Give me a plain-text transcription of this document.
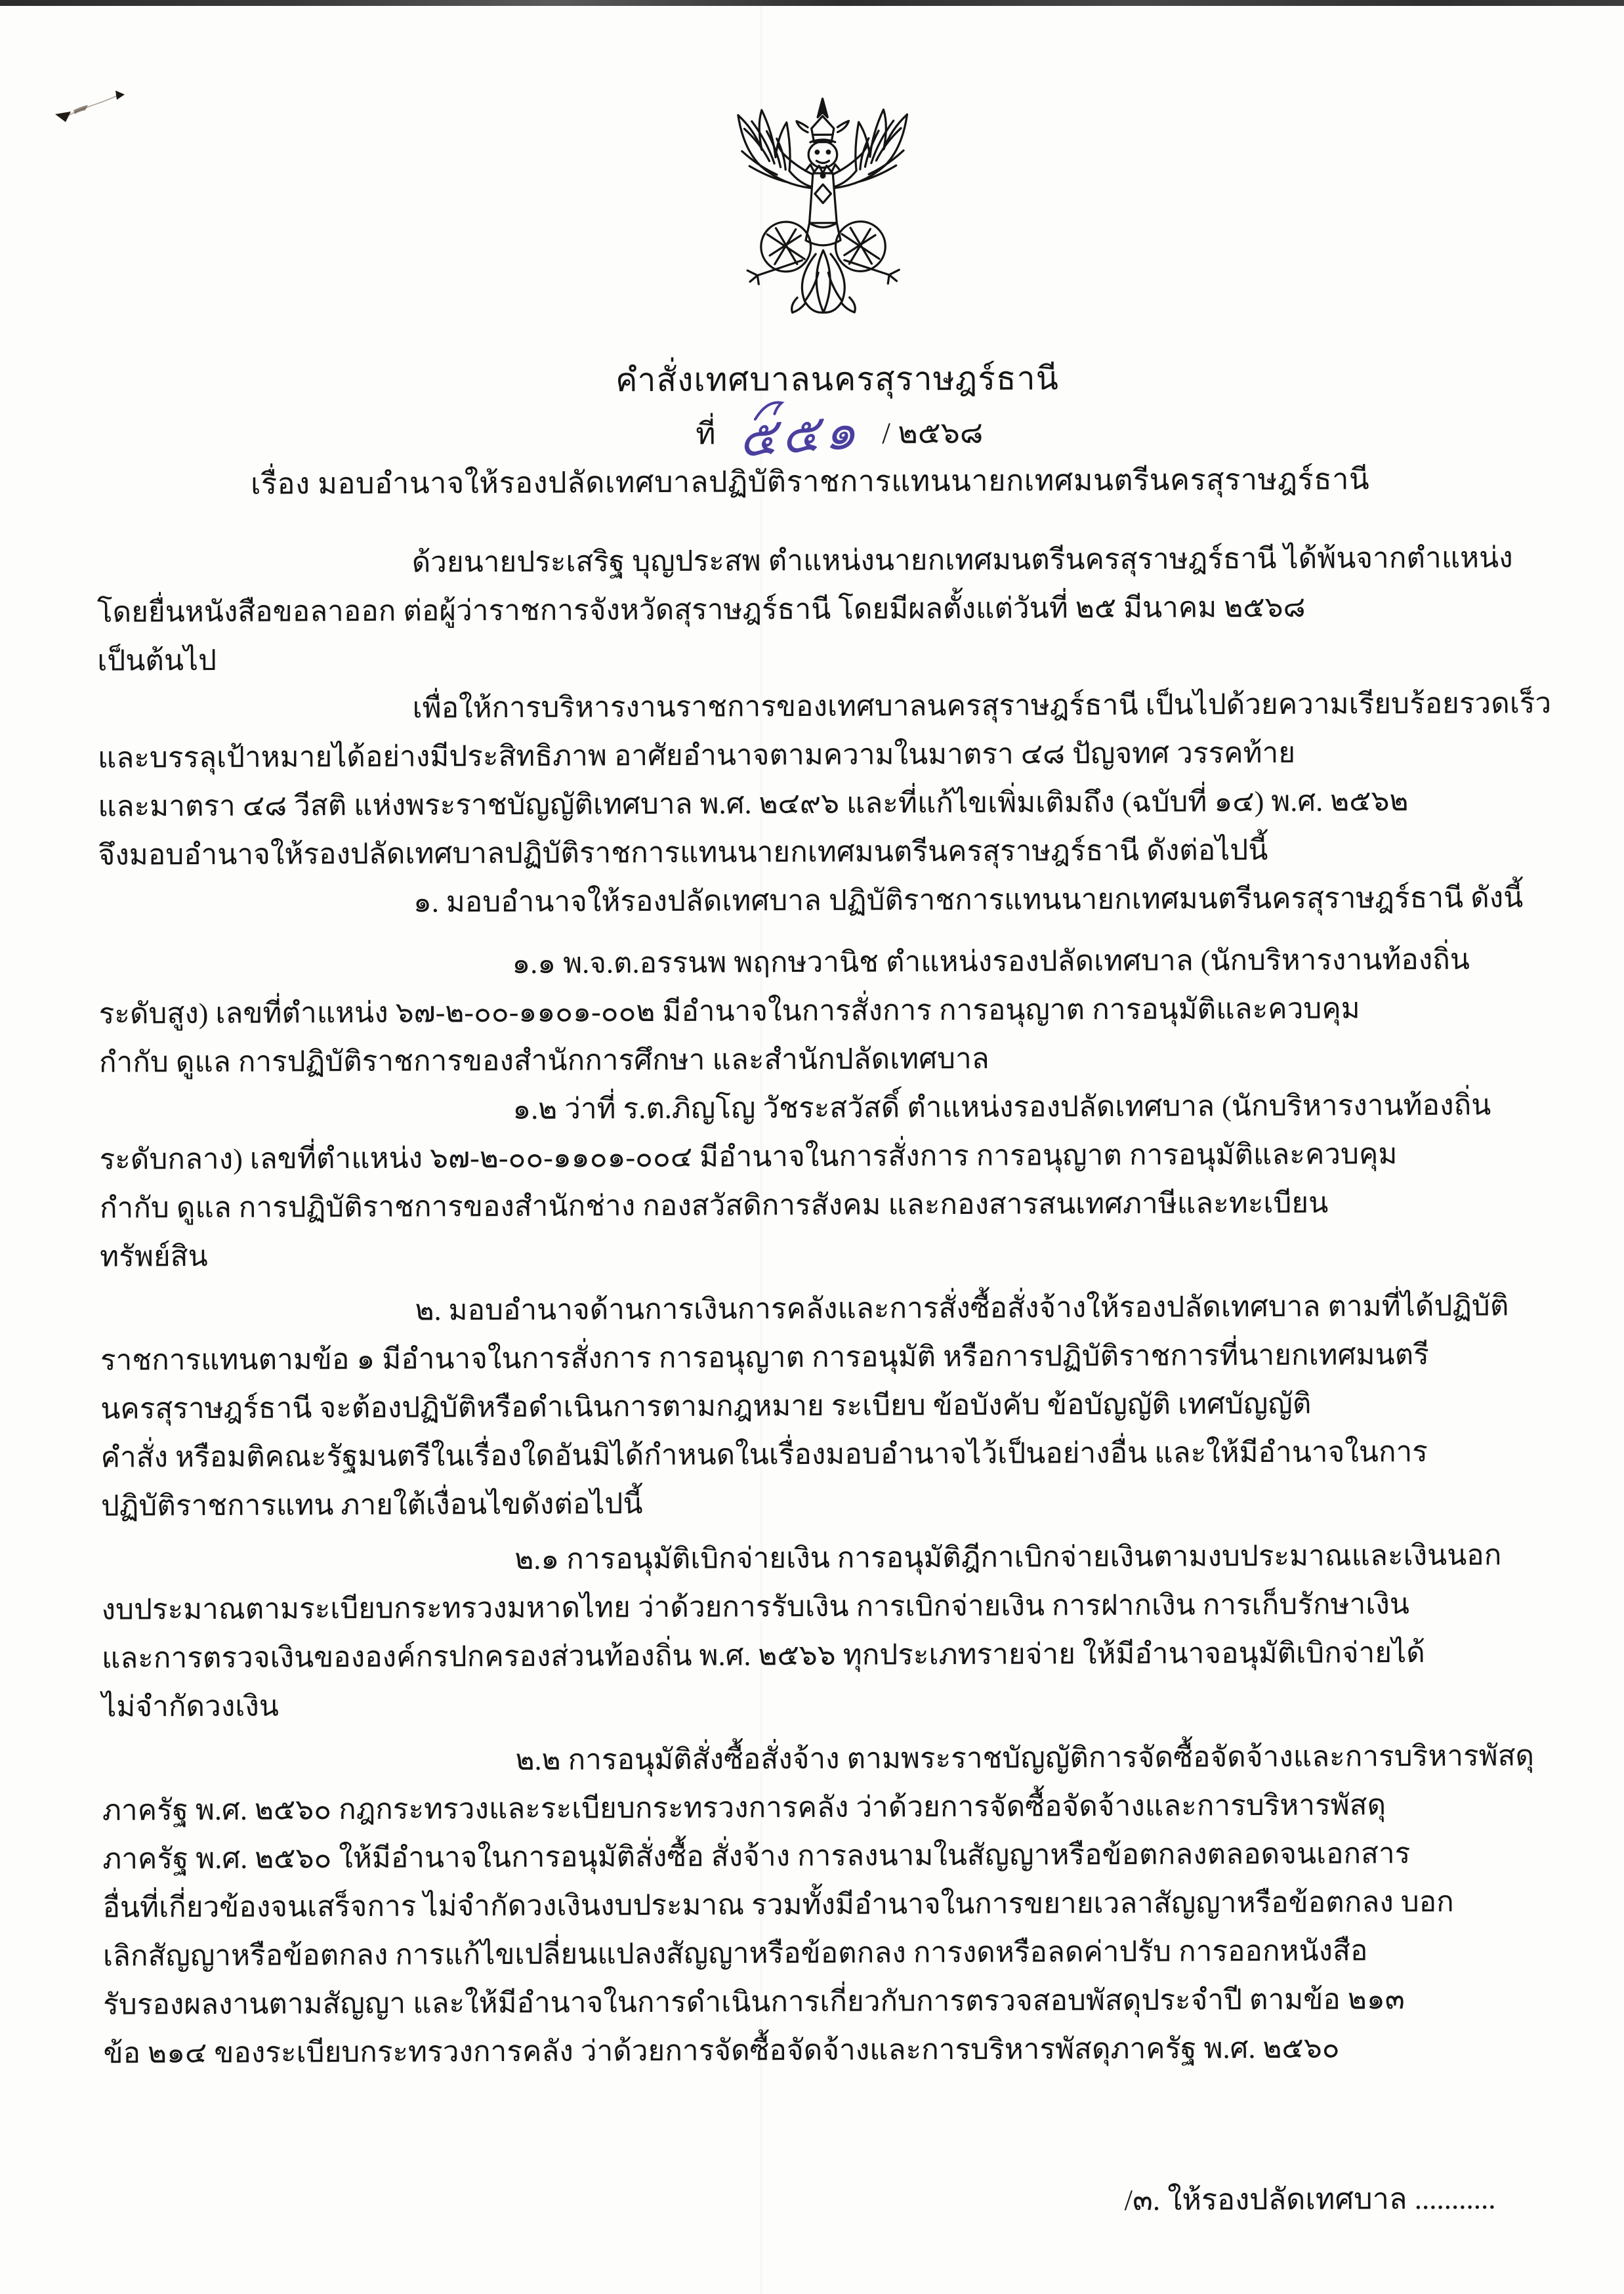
คำสั่งเทศบาลนครสุราษฎร์ธานี
ที่ ๕๕๑ / ๒๕๖๘
เรื่อง มอบอำนาจให้รองปลัดเทศบาลปฏิบัติราชการแทนนายกเทศมนตรีนครสุราษฎร์ธานี
ด้วยนายประเสริฐ บุญประสพ ตำแหน่งนายกเทศมนตรีนครสุราษฎร์ธานี ได้พ้นจากตำแหน่ง
โดยยื่นหนังสือขอลาออก ต่อผู้ว่าราชการจังหวัดสุราษฎร์ธานี โดยมีผลตั้งแต่วันที่ ๒๕ มีนาคม ๒๕๖๘
เป็นต้นไป
เพื่อให้การบริหารงานราชการของเทศบาลนครสุราษฎร์ธานี เป็นไปด้วยความเรียบร้อยรวดเร็ว
และบรรลุเป้าหมายได้อย่างมีประสิทธิภาพ อาศัยอำนาจตามความในมาตรา ๔๘ ปัญจทศ วรรคท้าย
และมาตรา ๔๘ วีสติ แห่งพระราชบัญญัติเทศบาล พ.ศ. ๒๔๙๖ และที่แก้ไขเพิ่มเติมถึง (ฉบับที่ ๑๔) พ.ศ. ๒๕๖๒
จึงมอบอำนาจให้รองปลัดเทศบาลปฏิบัติราชการแทนนายกเทศมนตรีนครสุราษฎร์ธานี ดังต่อไปนี้
๑. มอบอำนาจให้รองปลัดเทศบาล ปฏิบัติราชการแทนนายกเทศมนตรีนครสุราษฎร์ธานี ดังนี้
๑.๑ พ.จ.ต.อรรนพ พฤกษวานิช ตำแหน่งรองปลัดเทศบาล (นักบริหารงานท้องถิ่น
ระดับสูง) เลขที่ตำแหน่ง ๖๗-๒-๐๐-๑๑๐๑-๐๐๒ มีอำนาจในการสั่งการ การอนุญาต การอนุมัติและควบคุม
กำกับ ดูแล การปฏิบัติราชการของสำนักการศึกษา และสำนักปลัดเทศบาล
๑.๒ ว่าที่ ร.ต.ภิญโญ วัชระสวัสดิ์ ตำแหน่งรองปลัดเทศบาล (นักบริหารงานท้องถิ่น
ระดับกลาง) เลขที่ตำแหน่ง ๖๗-๒-๐๐-๑๑๐๑-๐๐๔ มีอำนาจในการสั่งการ การอนุญาต การอนุมัติและควบคุม
กำกับ ดูแล การปฏิบัติราชการของสำนักช่าง กองสวัสดิการสังคม และกองสารสนเทศภาษีและทะเบียน
ทรัพย์สิน
๒. มอบอำนาจด้านการเงินการคลังและการสั่งซื้อสั่งจ้างให้รองปลัดเทศบาล ตามที่ได้ปฏิบัติ
ราชการแทนตามข้อ ๑ มีอำนาจในการสั่งการ การอนุญาต การอนุมัติ หรือการปฏิบัติราชการที่นายกเทศมนตรี
นครสุราษฎร์ธานี จะต้องปฏิบัติหรือดำเนินการตามกฎหมาย ระเบียบ ข้อบังคับ ข้อบัญญัติ เทศบัญญัติ
คำสั่ง หรือมติคณะรัฐมนตรีในเรื่องใดอันมิได้กำหนดในเรื่องมอบอำนาจไว้เป็นอย่างอื่น และให้มีอำนาจในการ
ปฏิบัติราชการแทน ภายใต้เงื่อนไขดังต่อไปนี้
๒.๑ การอนุมัติเบิกจ่ายเงิน การอนุมัติฎีกาเบิกจ่ายเงินตามงบประมาณและเงินนอก
งบประมาณตามระเบียบกระทรวงมหาดไทย ว่าด้วยการรับเงิน การเบิกจ่ายเงิน การฝากเงิน การเก็บรักษาเงิน
และการตรวจเงินขององค์กรปกครองส่วนท้องถิ่น พ.ศ. ๒๕๖๖ ทุกประเภทรายจ่าย ให้มีอำนาจอนุมัติเบิกจ่ายได้
ไม่จำกัดวงเงิน
๒.๒ การอนุมัติสั่งซื้อสั่งจ้าง ตามพระราชบัญญัติการจัดซื้อจัดจ้างและการบริหารพัสดุ
ภาครัฐ พ.ศ. ๒๕๖๐ กฎกระทรวงและระเบียบกระทรวงการคลัง ว่าด้วยการจัดซื้อจัดจ้างและการบริหารพัสดุ
ภาครัฐ พ.ศ. ๒๕๖๐ ให้มีอำนาจในการอนุมัติสั่งซื้อ สั่งจ้าง การลงนามในสัญญาหรือข้อตกลงตลอดจนเอกสาร
อื่นที่เกี่ยวข้องจนเสร็จการ ไม่จำกัดวงเงินงบประมาณ รวมทั้งมีอำนาจในการขยายเวลาสัญญาหรือข้อตกลง บอก
เลิกสัญญาหรือข้อตกลง การแก้ไขเปลี่ยนแปลงสัญญาหรือข้อตกลง การงดหรือลดค่าปรับ การออกหนังสือ
รับรองผลงานตามสัญญา และให้มีอำนาจในการดำเนินการเกี่ยวกับการตรวจสอบพัสดุประจำปี ตามข้อ ๒๑๓
ข้อ ๒๑๔ ของระเบียบกระทรวงการคลัง ว่าด้วยการจัดซื้อจัดจ้างและการบริหารพัสดุภาครัฐ พ.ศ. ๒๕๖๐
/๓. ให้รองปลัดเทศบาล ...........
